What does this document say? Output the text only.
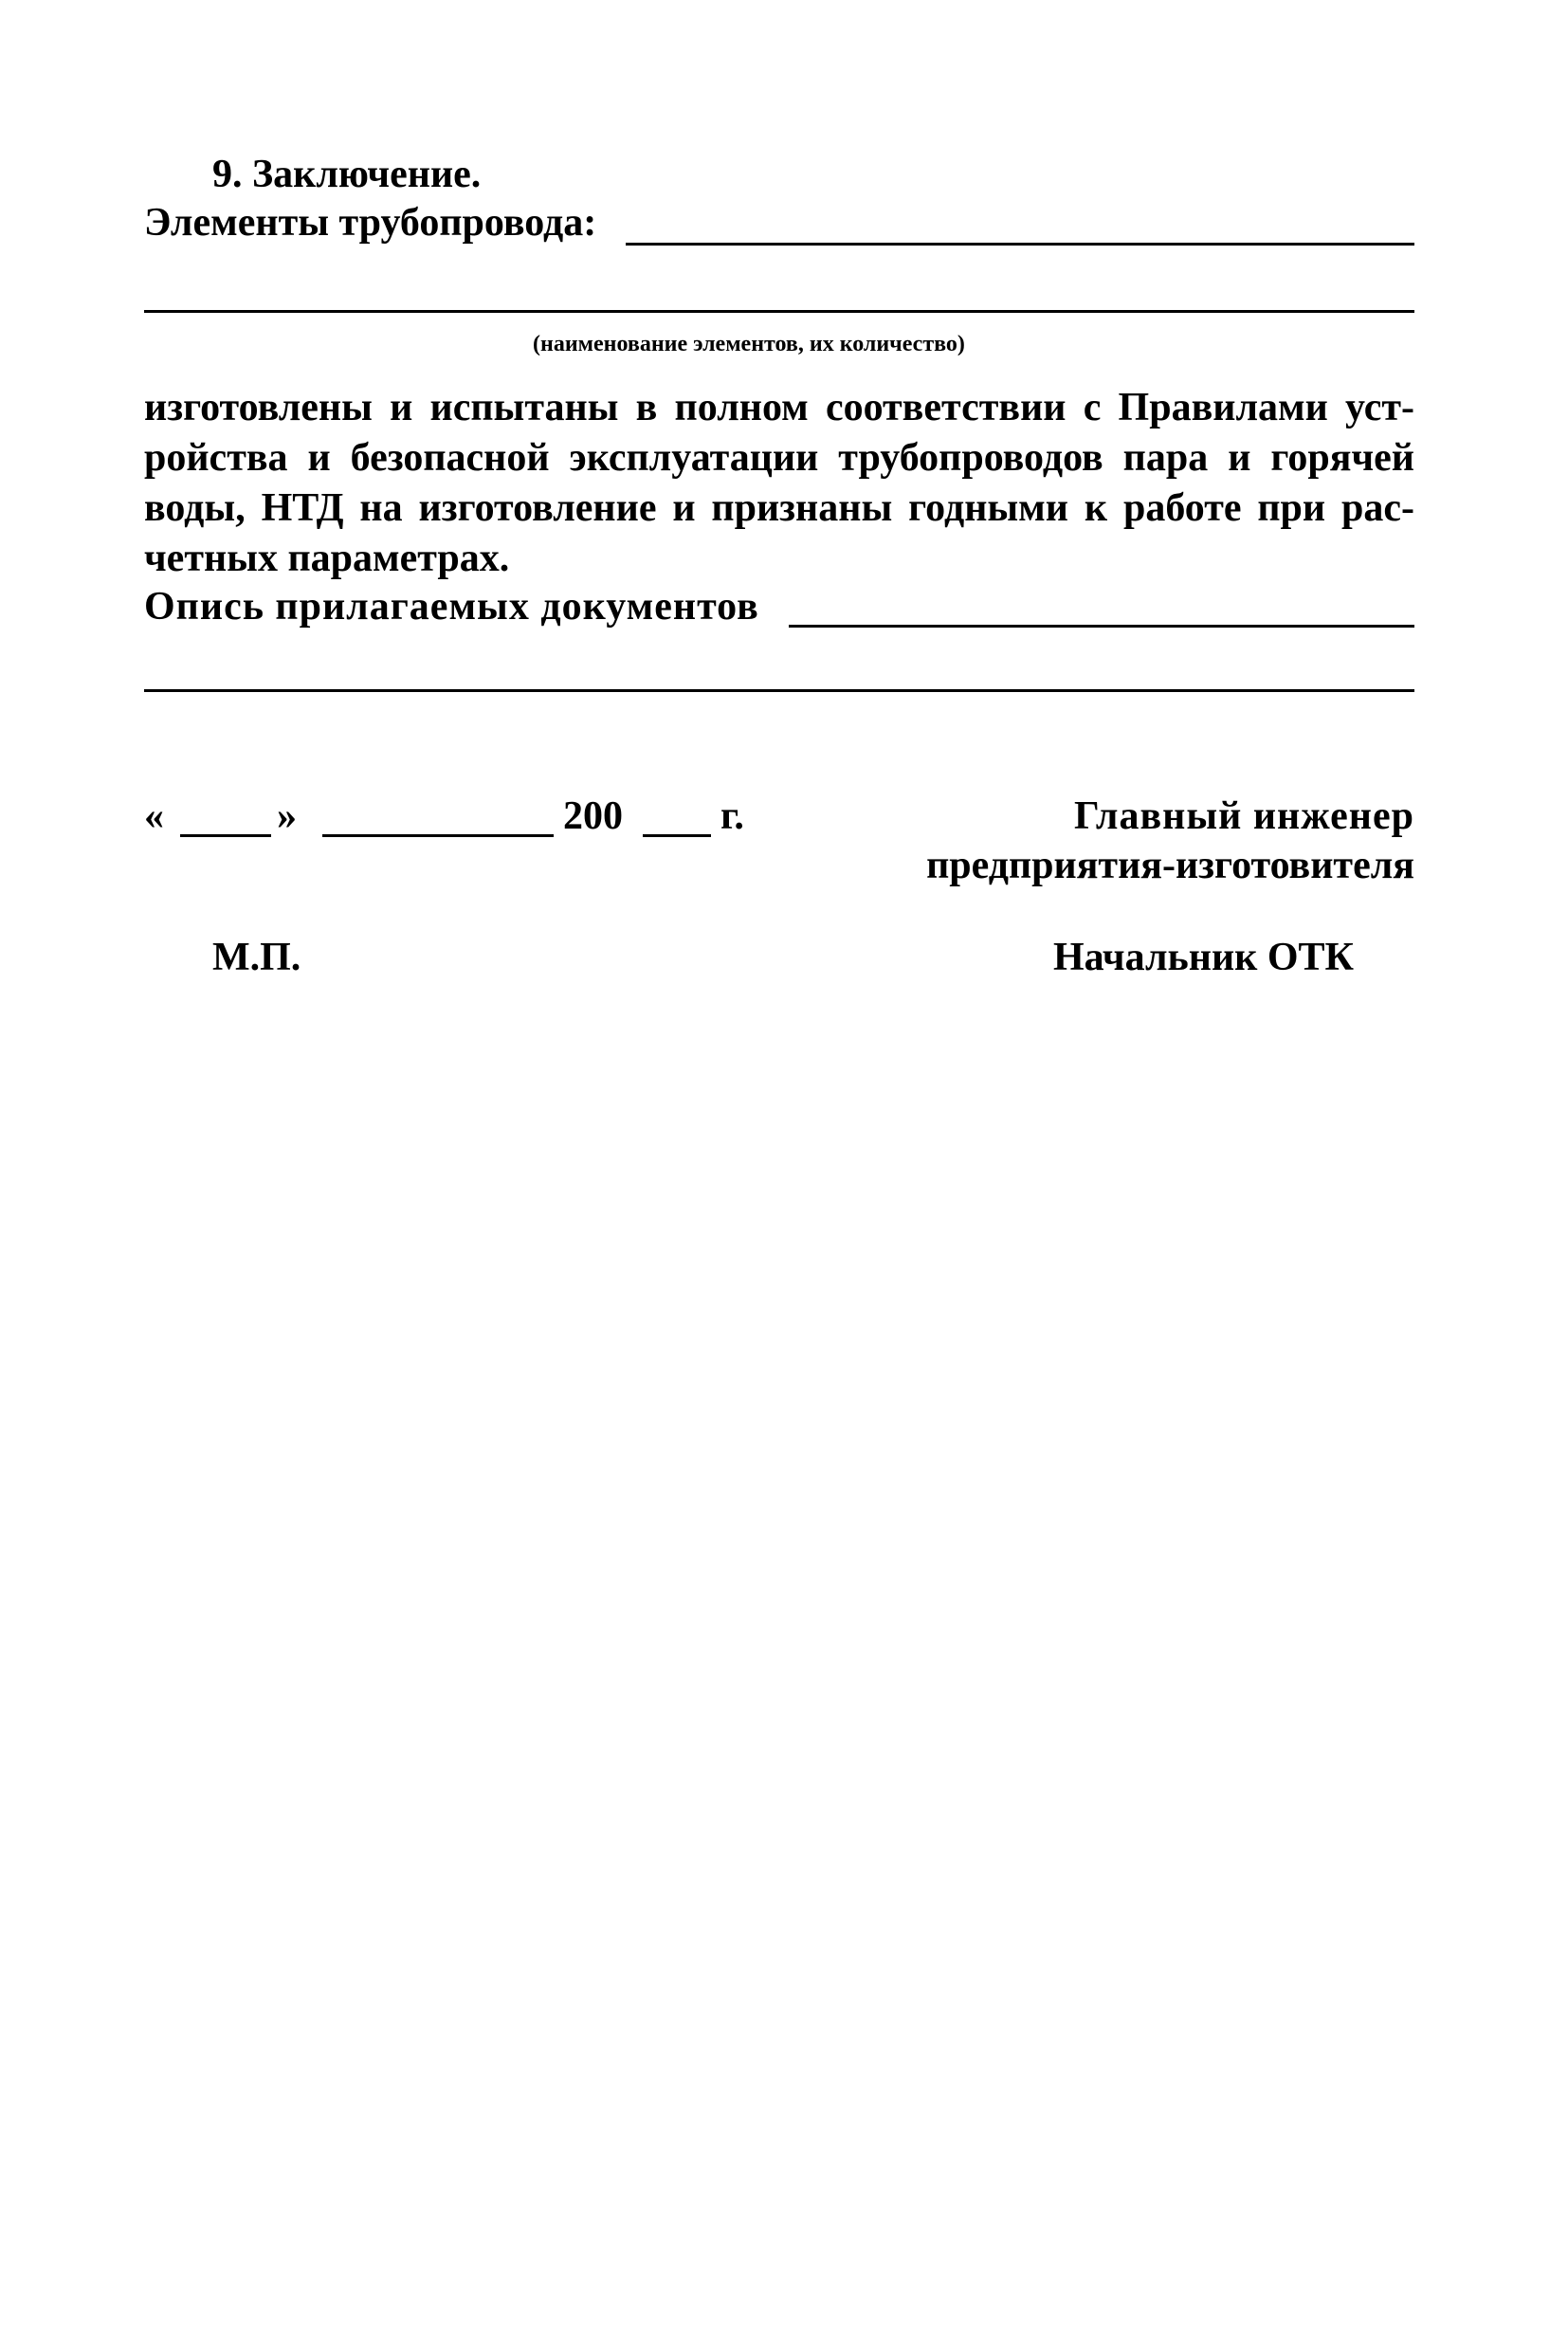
9. Заключение.
Элементы трубопровода:
(наименование элементов, их количество)
изготовлены и испытаны в полном соответствии с Правилами уст-
ройства и безопасной эксплуатации трубопроводов пара и горячей
воды, НТД на изготовление и признаны годными к работе при рас-
четных параметрах.
Опись прилагаемых документов
«	»	200 г.	Главный инженер
предприятия-изготовителя
М.П.	Начальник ОТК
